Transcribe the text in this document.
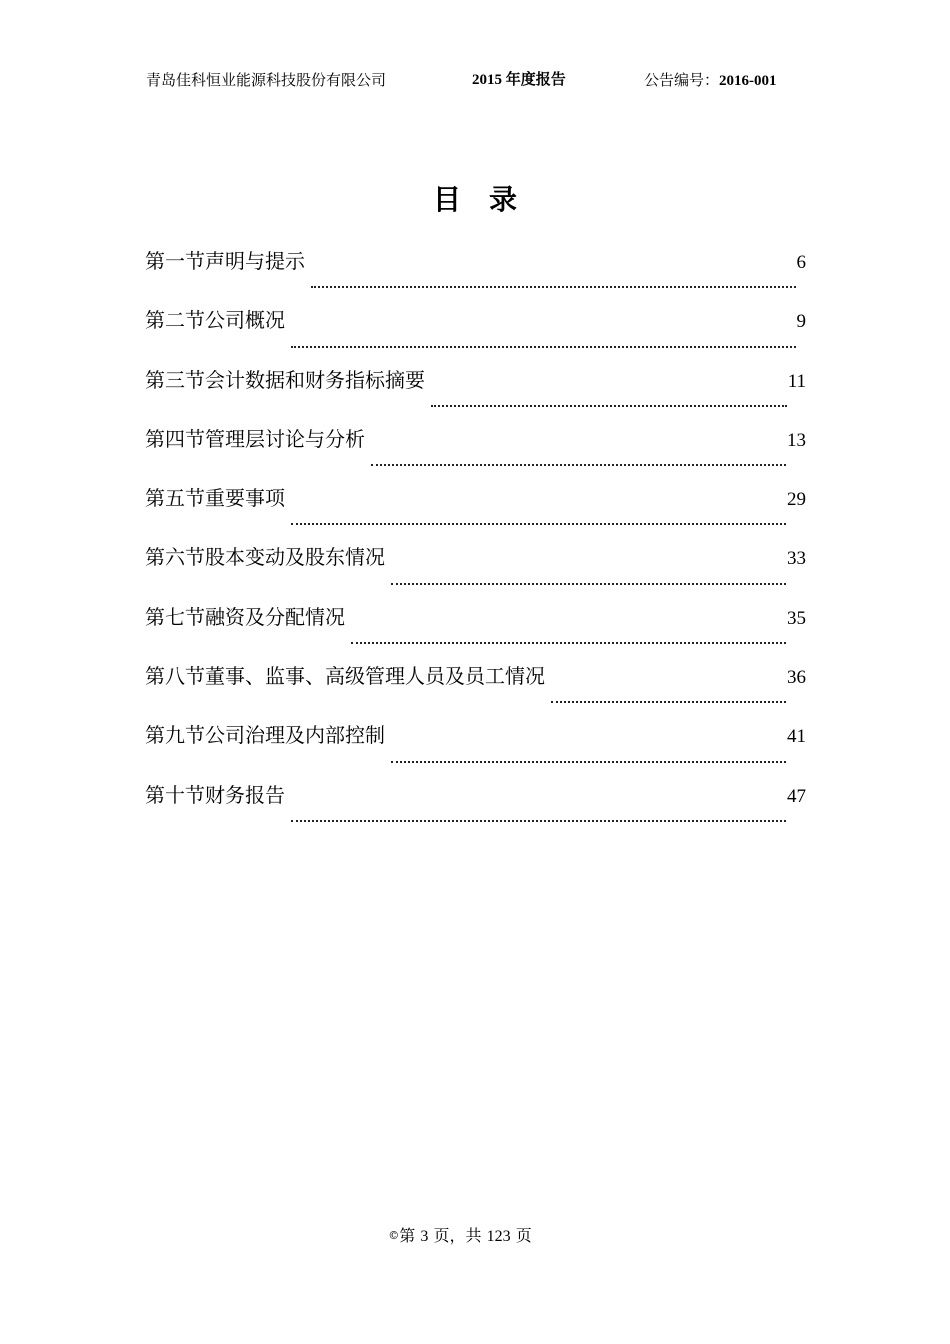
青岛佳科恒业能源科技股份有限公司	2015 年度报告	公告编号：2016-001
目录
第一节声明与提示	6
第二节公司概况	9
第三节会计数据和财务指标摘要	11
第四节管理层讨论与分析	13
第五节重要事项	29
第六节股本变动及股东情况	33
第七节融资及分配情况	35
第八节董事、监事、高级管理人员及员工情况	36
第九节公司治理及内部控制	41
第十节财务报告	47
©第 3 页，共 123 页
